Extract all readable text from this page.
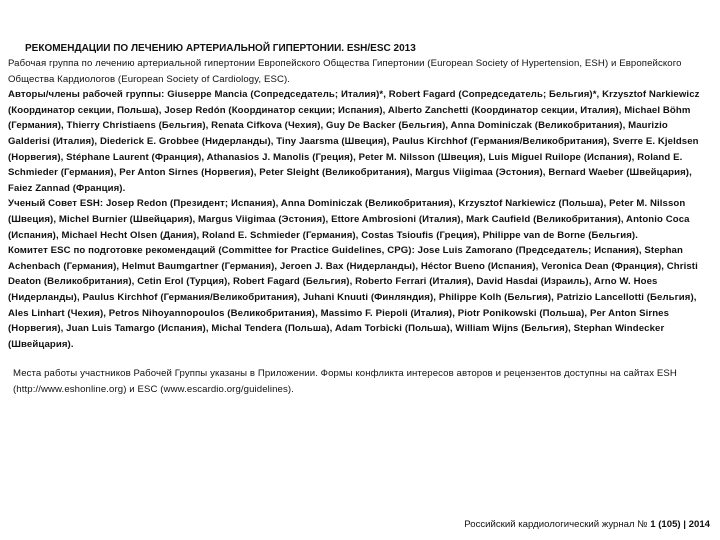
РЕКОМЕНДАЦИИ ПО ЛЕЧЕНИЮ АРТЕРИАЛЬНОЙ ГИПЕРТОНИИ. ESH/ESC 2013

Рабочая группа по лечению артериальной гипертонии Европейского Общества Гипертонии (European Society of Hypertension, ESH) и Европейского Общества Кардиологов (European Society of Cardiology, ESC).

Авторы/члены рабочей группы: Giuseppe Mancia (Сопредседатель; Италия)*, Robert Fagard (Сопредседатель; Бельгия)*, Krzysztof Narkiewicz (Координатор секции, Польша), Josep Redón (Координатор секции; Испания), Alberto Zanchetti (Координатор секции, Италия), Michael Böhm (Германия), Thierry Christiaens (Бельгия), Renata Cifkova (Чехия), Guy De Backer (Бельгия), Anna Dominiczak (Великобритания), Maurizio Galderisi (Италия), Diederick E. Grobbee (Нидерланды), Tiny Jaarsma (Швеция), Paulus Kirchhof (Германия/Великобритания), Sverre E. Kjeldsen (Норвегия), Stéphane Laurent (Франция), Athanasios J. Manolis (Греция), Peter M. Nilsson (Швеция), Luis Miguel Ruilope (Испания), Roland E. Schmieder (Германия), Per Anton Sirnes (Норвегия), Peter Sleight (Великобритания), Margus Viigimaa (Эстония), Bernard Waeber (Швейцария), Faiez Zannad (Франция).

Ученый Совет ESH: Josep Redon (Президент; Испания), Anna Dominiczak (Великобритания), Krzysztof Narkiewicz (Польша), Peter M. Nilsson (Швеция), Michel Burnier (Швейцария), Margus Viigimaa (Эстония), Ettore Ambrosioni (Италия), Mark Caufield (Великобритания), Antonio Coca (Испания), Michael Hecht Olsen (Дания), Roland E. Schmieder (Германия), Costas Tsioufis (Греция), Philippe van de Borne (Бельгия).

Комитет ESC по подготовке рекомендаций (Committee for Practice Guidelines, CPG): Jose Luis Zamorano (Председатель; Испания), Stephan Achenbach (Германия), Helmut Baumgartner (Германия), Jeroen J. Bax (Нидерланды), Héctor Bueno (Испания), Veronica Dean (Франция), Christi Deaton (Великобритания), Cetin Erol (Турция), Robert Fagard (Бельгия), Roberto Ferrari (Италия), David Hasdai (Израиль), Arno W. Hoes (Нидерланды), Paulus Kirchhof (Германия/Великобритания), Juhani Knuuti (Финляндия), Philippe Kolh (Бельгия), Patrizio Lancellotti (Бельгия), Ales Linhart (Чехия), Petros Nihoyannopoulos (Великобритания), Massimo F. Piepoli (Италия), Piotr Ponikowski (Польша), Per Anton Sirnes (Норвегия), Juan Luis Tamargo (Испания), Michal Tendera (Польша), Adam Torbicki (Польша), William Wijns (Бельгия), Stephan Windecker (Швейцария).

Места работы участников Рабочей Группы указаны в Приложении. Формы конфликта интересов авторов и рецензентов доступны на сайтах ESH (http://www.eshonline.org) и ESC (www.escardio.org/guidelines).

Российский кардиологический журнал № 1 (105) | 2014
